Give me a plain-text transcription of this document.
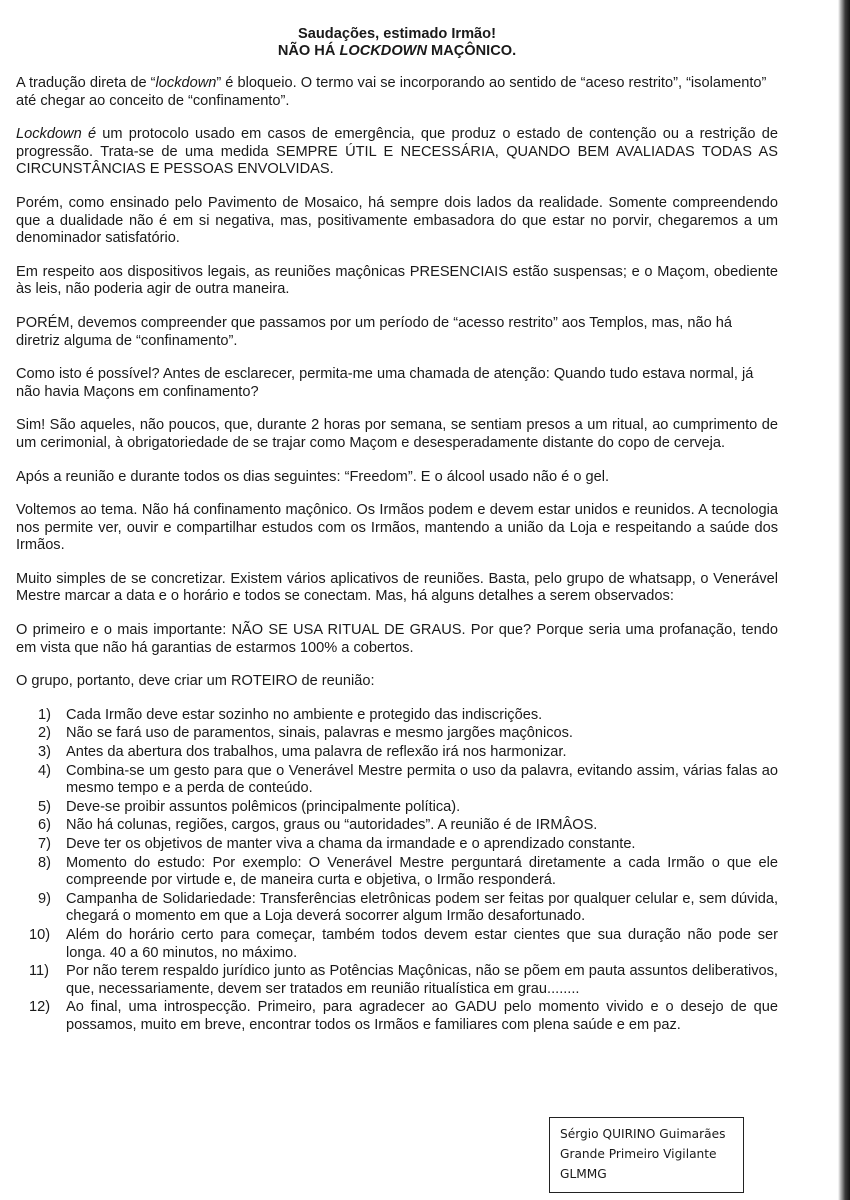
Saudações, estimado Irmão!
NÃO HÁ LOCKDOWN MAÇÔNICO.

A tradução direta de “lockdown” é bloqueio. O termo vai se incorporando ao sentido de “aceso restrito”, “isolamento” até chegar ao conceito de “confinamento”.

Lockdown é um protocolo usado em casos de emergência, que produz o estado de contenção ou a restrição de progressão. Trata-se de uma medida SEMPRE ÚTIL E NECESSÁRIA, QUANDO BEM AVALIADAS TODAS AS CIRCUNSTÂNCIAS E PESSOAS ENVOLVIDAS.

Porém, como ensinado pelo Pavimento de Mosaico, há sempre dois lados da realidade. Somente compreendendo que a dualidade não é em si negativa, mas, positivamente embasadora do que estar no porvir, chegaremos a um denominador satisfatório.

Em respeito aos dispositivos legais, as reuniões maçônicas PRESENCIAIS estão suspensas; e o Maçom, obediente às leis, não poderia agir de outra maneira.

PORÉM, devemos compreender que passamos por um período de “acesso restrito” aos Templos, mas, não há diretriz alguma de “confinamento”.

Como isto é possível? Antes de esclarecer, permita-me uma chamada de atenção: Quando tudo estava normal, já não havia Maçons em confinamento?

Sim! São aqueles, não poucos, que, durante 2 horas por semana, se sentiam presos a um ritual, ao cumprimento de um cerimonial, à obrigatoriedade de se trajar como Maçom e desesperadamente distante do copo de cerveja.

Após a reunião e durante todos os dias seguintes: “Freedom”. E o álcool usado não é o gel.

Voltemos ao tema. Não há confinamento maçônico. Os Irmãos podem e devem estar unidos e reunidos. A tecnologia nos permite ver, ouvir e compartilhar estudos com os Irmãos, mantendo a união da Loja e respeitando a saúde dos Irmãos.

Muito simples de se concretizar. Existem vários aplicativos de reuniões. Basta, pelo grupo de whatsapp, o Venerável Mestre marcar a data e o horário e todos se conectam. Mas, há alguns detalhes a serem observados:

O primeiro e o mais importante: NÃO SE USA RITUAL DE GRAUS. Por que? Porque seria uma profanação, tendo em vista que não há garantias de estarmos 100% a cobertos.

O grupo, portanto, deve criar um ROTEIRO de reunião:

1) Cada Irmão deve estar sozinho no ambiente e protegido das indiscrições.
2) Não se fará uso de paramentos, sinais, palavras e mesmo jargões maçônicos.
3) Antes da abertura dos trabalhos, uma palavra de reflexão irá nos harmonizar.
4) Combina-se um gesto para que o Venerável Mestre permita o uso da palavra, evitando assim, várias falas ao mesmo tempo e a perda de conteúdo.
5) Deve-se proibir assuntos polêmicos (principalmente política).
6) Não há colunas, regiões, cargos, graus ou “autoridades”. A reunião é de IRMÂOS.
7) Deve ter os objetivos de manter viva a chama da irmandade e o aprendizado constante.
8) Momento do estudo: Por exemplo: O Venerável Mestre perguntará diretamente a cada Irmão o que ele compreende por virtude e, de maneira curta e objetiva, o Irmão responderá.
9) Campanha de Solidariedade: Transferências eletrônicas podem ser feitas por qualquer celular e, sem dúvida, chegará o momento em que a Loja deverá socorrer algum Irmão desafortunado.
10) Além do horário certo para começar, também todos devem estar cientes que sua duração não pode ser longa. 40 a 60 minutos, no máximo.
11) Por não terem respaldo jurídico junto as Potências Maçônicas, não se põem em pauta assuntos deliberativos, que, necessariamente, devem ser tratados em reunião ritualística em grau........
12) Ao final, uma introspecção. Primeiro, para agradecer ao GADU pelo momento vivido e o desejo de que possamos, muito em breve, encontrar todos os Irmãos e familiares com plena saúde e em paz.
Sérgio QUIRINO Guimarães
Grande Primeiro Vigilante
GLMMG
